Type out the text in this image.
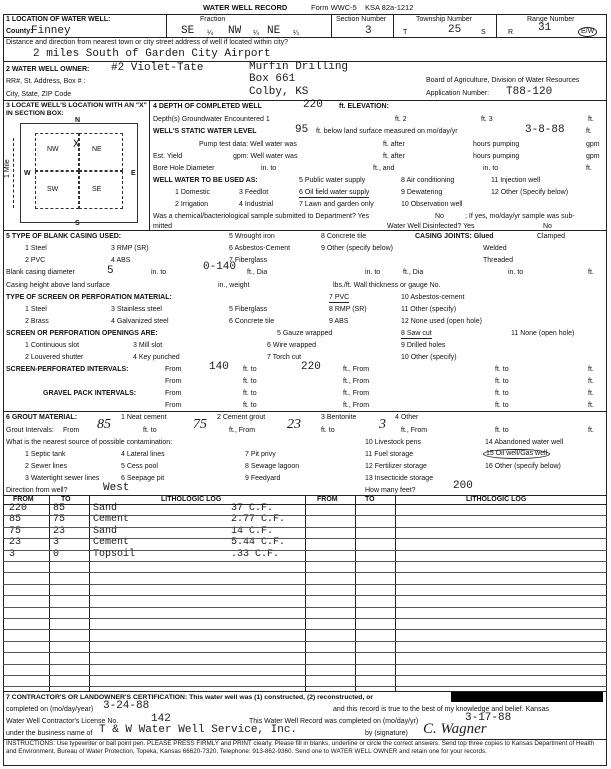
WATER WELL RECORD	Form WWC-5 KSA 82a-1212
1 LOCATION OF WATER WELL:
County:
Finney
Fraction
SE ¼ NW ¼ NE ¼
Section Number
3
Township Number
T	25	S
Range Number
R 31	E/W
Distance and direction from nearest town or city street address of well if located within city?
2 miles South of Garden City Airport
2 WATER WELL OWNER: #2 Violet-Tate	Murfin Drilling
RR#, St. Address, Box # :	Box 661	Board of Agriculture, Division of Water Resources
City, State, ZIP Code	Colby, KS	Application Number: T88-120
3 LOCATE WELL'S LOCATION WITH AN "X" IN SECTION BOX:
N
S
W	E
NW	NE
SW	SE
X
1 Mile
4 DEPTH OF COMPLETED WELL	220 ft. ELEVATION:
Depth(s) Groundwater Encountered 1	ft. 2	ft. 3	ft.
WELL'S STATIC WATER LEVEL	95 ft. below land surface measured on mo/day/yr	3-8-88	ft.
Pump test data: Well water was	ft. after	hours pumping	gpm
Est. Yield	gpm: Well water was	ft. after	hours pumping	gpm
Bore Hole Diameter	in. to	ft., and	in. to	ft.
WELL WATER TO BE USED AS:	5 Public water supply	8 Air conditioning	11 Injection well
1 Domestic	3 Feedlot	6 Oil field water supply	9 Dewatering	12 Other (Specify below)
2 Irrigation	4 Industrial	7 Lawn and garden only	10 Observation well
Was a chemical/bacteriological sample submitted to Department? Yes	No	; If yes, mo/day/yr sample was sub-
mitted	Water Well Disinfected? Yes	No
5 TYPE OF BLANK CASING USED:	5 Wrought iron	8 Concrete tile	CASING JOINTS: Glued	Clamped
1 Steel	3 RMP (SR)	6 Asbestos-Cement	9 Other (specify below)	Welded
2 PVC	4 ABS	7 Fiberglass	Threaded
Blank casing diameter	5	in. to	0-140 ft., Dia	in. to	ft., Dia	in. to	ft.
Casing height above land surface	in., weight	lbs./ft. Wall thickness or gauge No.
TYPE OF SCREEN OR PERFORATION MATERIAL:	7 PVC	10 Asbestos-cement
1 Steel	3 Stainless steel	5 Fiberglass	8 RMP (SR)	11 Other (specify)
2 Brass	4 Galvanized steel	6 Concrete tile	9 ABS	12 None used (open hole)
SCREEN OR PERFORATION OPENINGS ARE:	5 Gauze wrapped	8 Saw cut	11 None (open hole)
1 Continuous slot	3 Mill slot	6 Wire wrapped	9 Drilled holes
2 Louvered shutter	4 Key punched	7 Torch cut	10 Other (specify)
SCREEN-PERFORATED INTERVALS:	From	140 ft. to	220	ft., From	ft. to	ft.
From	ft. to	ft., From	ft. to	ft.
GRAVEL PACK INTERVALS:	From	ft. to	ft., From	ft. to	ft.
From	ft. to	ft., From	ft. to	ft.
6 GROUT MATERIAL:	1 Neat cement	2 Cement grout	3 Bentonite	4 Other
Grout Intervals: From 85	ft. to	75	ft., From 23	ft. to	3 ft., From	ft. to	ft.
What is the nearest source of possible contamination:	10 Livestock pens	14 Abandoned water well
1 Septic tank	4 Lateral lines	7 Pit privy	11 Fuel storage	15 Oil well/Gas well
2 Sewer lines	5 Cess pool	8 Sewage lagoon	12 Fertilizer storage	16 Other (specify below)
3 Watertight sewer lines	6 Seepage pit	9 Feedyard	13 Insecticide storage
Direction from well?	West	How many feet?	200
FROM	TO	LITHOLOGIC LOG	FROM	TO	LITHOLOGIC LOG
220	85	Sand	37 C.F.
85	75	Cement	2.77 C.F.
75	23	Sand	14 C.F.
23	3	Cement	5.44 C.F.
3	0	Topsoil	.33 C.F.
7 CONTRACTOR'S OR LANDOWNER'S CERTIFICATION: This water well was (1) constructed, (2) reconstructed, or
completed on (mo/day/year) 3-24-88	and this record is true to the best of my knowledge and belief. Kansas
Water Well Contractor's License No.	142	This Water Well Record was completed on (mo/day/yr)	3-17-88
under the business name of T & W Water Well Service, Inc.	by (signature) C. Wagner
INSTRUCTIONS: Use typewriter or ball point pen. PLEASE PRESS FIRMLY and PRINT clearly. Please fill in blanks, underline or circle the correct answers. Send top three copies to Kansas Department of Health and Environment, Bureau of Water Protection, Topeka, Kansas 66620-7320, Telephone: 913-862-9360. Send one to WATER WELL OWNER and retain one for your records.
